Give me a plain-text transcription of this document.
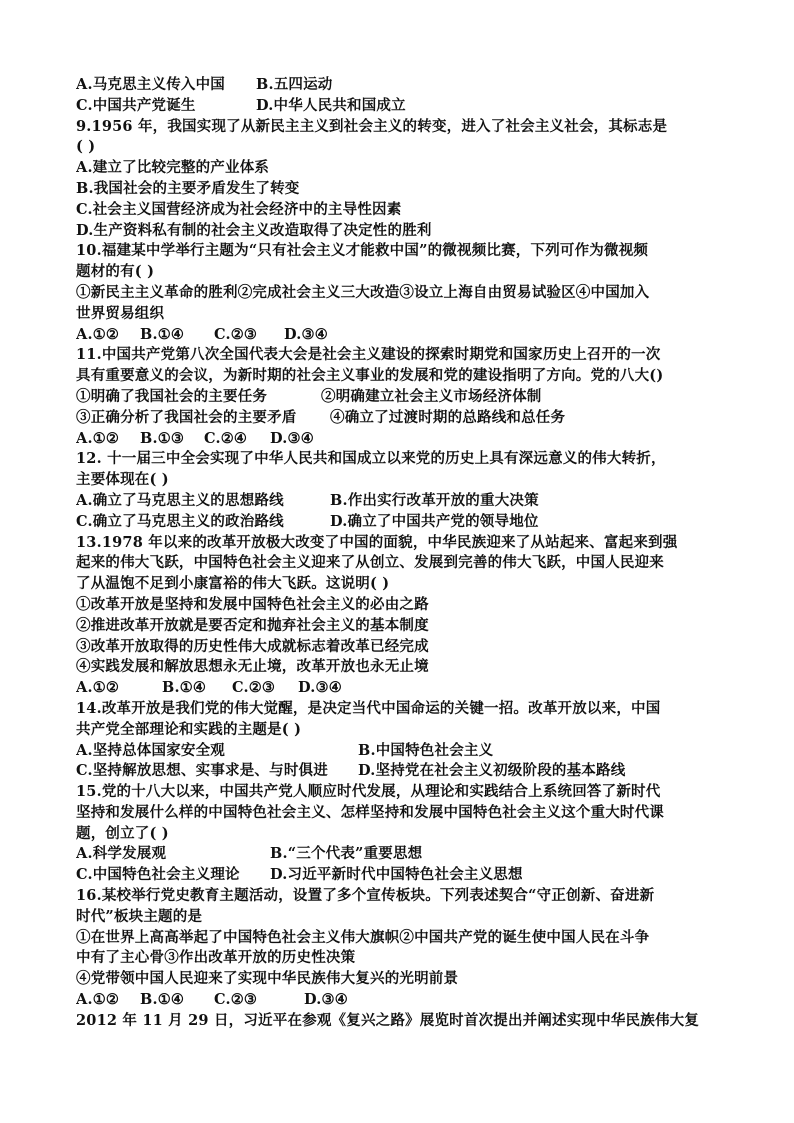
A.马克思主义传入中国	B.五四运动
C.中国共产党诞生	D.中华人民共和国成立
9.1956 年，我国实现了从新民主主义到社会主义的转变，进入了社会主义社会，其标志是
( )
A.建立了比较完整的产业体系
B.我国社会的主要矛盾发生了转变
C.社会主义国营经济成为社会经济中的主导性因素
D.生产资料私有制的社会主义改造取得了决定性的胜利
10.福建某中学举行主题为“只有社会主义才能救中国”的微视频比赛，下列可作为微视频
题材的有( )
①新民主主义革命的胜利②完成社会主义三大改造③设立上海自由贸易试验区④中国加入
世界贸易组织
A.①②	B.①④	C.②③	D.③④
11.中国共产党第八次全国代表大会是社会主义建设的探索时期党和国家历史上召开的一次
具有重要意义的会议，为新时期的社会主义事业的发展和党的建设指明了方向。党的八大()
①明确了我国社会的主要任务	②明确建立社会主义市场经济体制
③正确分析了我国社会的主要矛盾	④确立了过渡时期的总路线和总任务
A.①②	B.①③	C.②④	D.③④
12. 十一届三中全会实现了中华人民共和国成立以来党的历史上具有深远意义的伟大转折，
主要体现在( )
A.确立了马克思主义的思想路线	B.作出实行改革开放的重大决策
C.确立了马克思主义的政治路线	D.确立了中国共产党的领导地位
13.1978 年以来的改革开放极大改变了中国的面貌，中华民族迎来了从站起来、富起来到强
起来的伟大飞跃，中国特色社会主义迎来了从创立、发展到完善的伟大飞跃，中国人民迎来
了从温饱不足到小康富裕的伟大飞跃。这说明( )
①改革开放是坚持和发展中国特色社会主义的必由之路
②推进改革开放就是要否定和抛弃社会主义的基本制度
③改革开放取得的历史性伟大成就标志着改革已经完成
④实践发展和解放思想永无止境，改革开放也永无止境
A.①②	B.①④	C.②③	D.③④
14.改革开放是我们党的伟大觉醒，是决定当代中国命运的关键一招。改革开放以来，中国
共产党全部理论和实践的主题是( )
A.坚持总体国家安全观	B.中国特色社会主义
C.坚持解放思想、实事求是、与时俱进	D.坚持党在社会主义初级阶段的基本路线
15.党的十八大以来，中国共产党人顺应时代发展，从理论和实践结合上系统回答了新时代
坚持和发展什么样的中国特色社会主义、怎样坚持和发展中国特色社会主义这个重大时代课
题，创立了( )
A.科学发展观	B.“三个代表”重要思想
C.中国特色社会主义理论	D.习近平新时代中国特色社会主义思想
16.某校举行党史教育主题活动，设置了多个宣传板块。下列表述契合“守正创新、奋进新
时代”板块主题的是
①在世界上高高举起了中国特色社会主义伟大旗帜②中国共产党的诞生使中国人民在斗争
中有了主心骨③作出改革开放的历史性决策
④党带领中国人民迎来了实现中华民族伟大复兴的光明前景
A.①②	B.①④	C.②③	D.③④
2012 年 11 月 29 日，习近平在参观《复兴之路》展览时首次提出并阐述实现中华民族伟大复
